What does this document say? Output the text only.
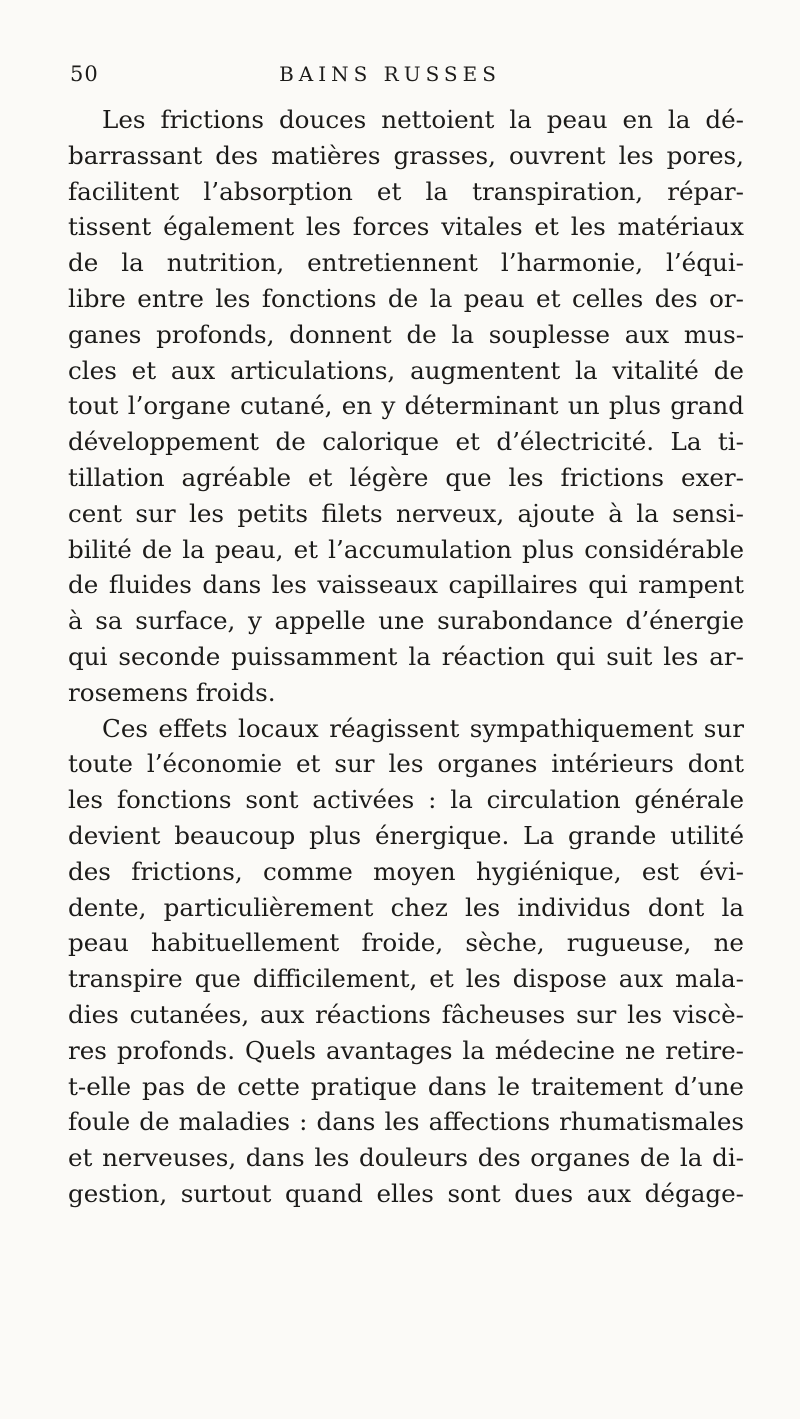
50	BAINS RUSSES
Les frictions douces nettoient la peau en la dé-
barrassant des matières grasses, ouvrent les pores,
facilitent l’absorption et la transpiration, répar-
tissent également les forces vitales et les matériaux
de la nutrition, entretiennent l’harmonie, l’équi-
libre entre les fonctions de la peau et celles des or-
ganes profonds, donnent de la souplesse aux mus-
cles et aux articulations, augmentent la vitalité de
tout l’organe cutané, en y déterminant un plus grand
développement de calorique et d’électricité. La ti-
tillation agréable et légère que les frictions exer-
cent sur les petits filets nerveux, ajoute à la sensi-
bilité de la peau, et l’accumulation plus considérable
de fluides dans les vaisseaux capillaires qui rampent
à sa surface, y appelle une surabondance d’énergie
qui seconde puissamment la réaction qui suit les ar-
rosemens froids.
Ces effets locaux réagissent sympathiquement sur
toute l’économie et sur les organes intérieurs dont
les fonctions sont activées : la circulation générale
devient beaucoup plus énergique. La grande utilité
des frictions, comme moyen hygiénique, est évi-
dente, particulièrement chez les individus dont la
peau habituellement froide, sèche, rugueuse, ne
transpire que difficilement, et les dispose aux mala-
dies cutanées, aux réactions fâcheuses sur les viscè-
res profonds. Quels avantages la médecine ne retire-
t-elle pas de cette pratique dans le traitement d’une
foule de maladies : dans les affections rhumatismales
et nerveuses, dans les douleurs des organes de la di-
gestion, surtout quand elles sont dues aux dégage-
